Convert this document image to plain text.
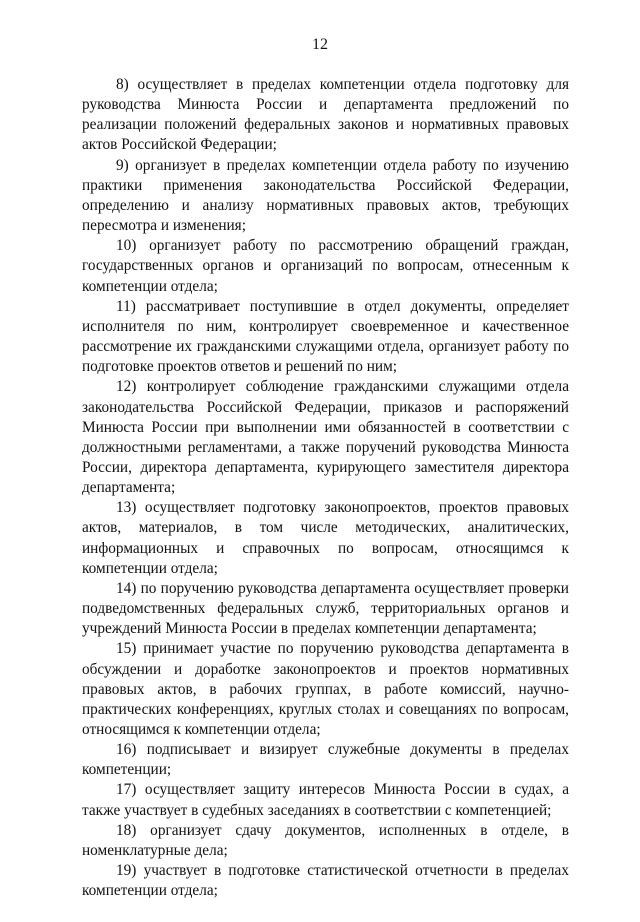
12

8) осуществляет в пределах компетенции отдела подготовку для руководства Минюста России и департамента предложений по реализации положений федеральных законов и нормативных правовых актов Российской Федерации;

9) организует в пределах компетенции отдела работу по изучению практики применения законодательства Российской Федерации, определению и анализу нормативных правовых актов, требующих пересмотра и изменения;

10) организует работу по рассмотрению обращений граждан, государственных органов и организаций по вопросам, отнесенным к компетенции отдела;

11) рассматривает поступившие в отдел документы, определяет исполнителя по ним, контролирует своевременное и качественное рассмотрение их гражданскими служащими отдела, организует работу по подготовке проектов ответов и решений по ним;

12) контролирует соблюдение гражданскими служащими отдела законодательства Российской Федерации, приказов и распоряжений Минюста России при выполнении ими обязанностей в соответствии с должностными регламентами, а также поручений руководства Минюста России, директора департамента, курирующего заместителя директора департамента;

13) осуществляет подготовку законопроектов, проектов правовых актов, материалов, в том числе методических, аналитических, информационных и справочных по вопросам, относящимся к компетенции отдела;

14) по поручению руководства департамента осуществляет проверки подведомственных федеральных служб, территориальных органов и учреждений Минюста России в пределах компетенции департамента;

15) принимает участие по поручению руководства департамента в обсуждении и доработке законопроектов и проектов нормативных правовых актов, в рабочих группах, в работе комиссий, научно-практических конференциях, круглых столах и совещаниях по вопросам, относящимся к компетенции отдела;

16) подписывает и визирует служебные документы в пределах компетенции;

17) осуществляет защиту интересов Минюста России в судах, а также участвует в судебных заседаниях в соответствии с компетенцией;

18) организует сдачу документов, исполненных в отделе, в номенклатурные дела;

19) участвует в подготовке статистической отчетности в пределах компетенции отдела;
